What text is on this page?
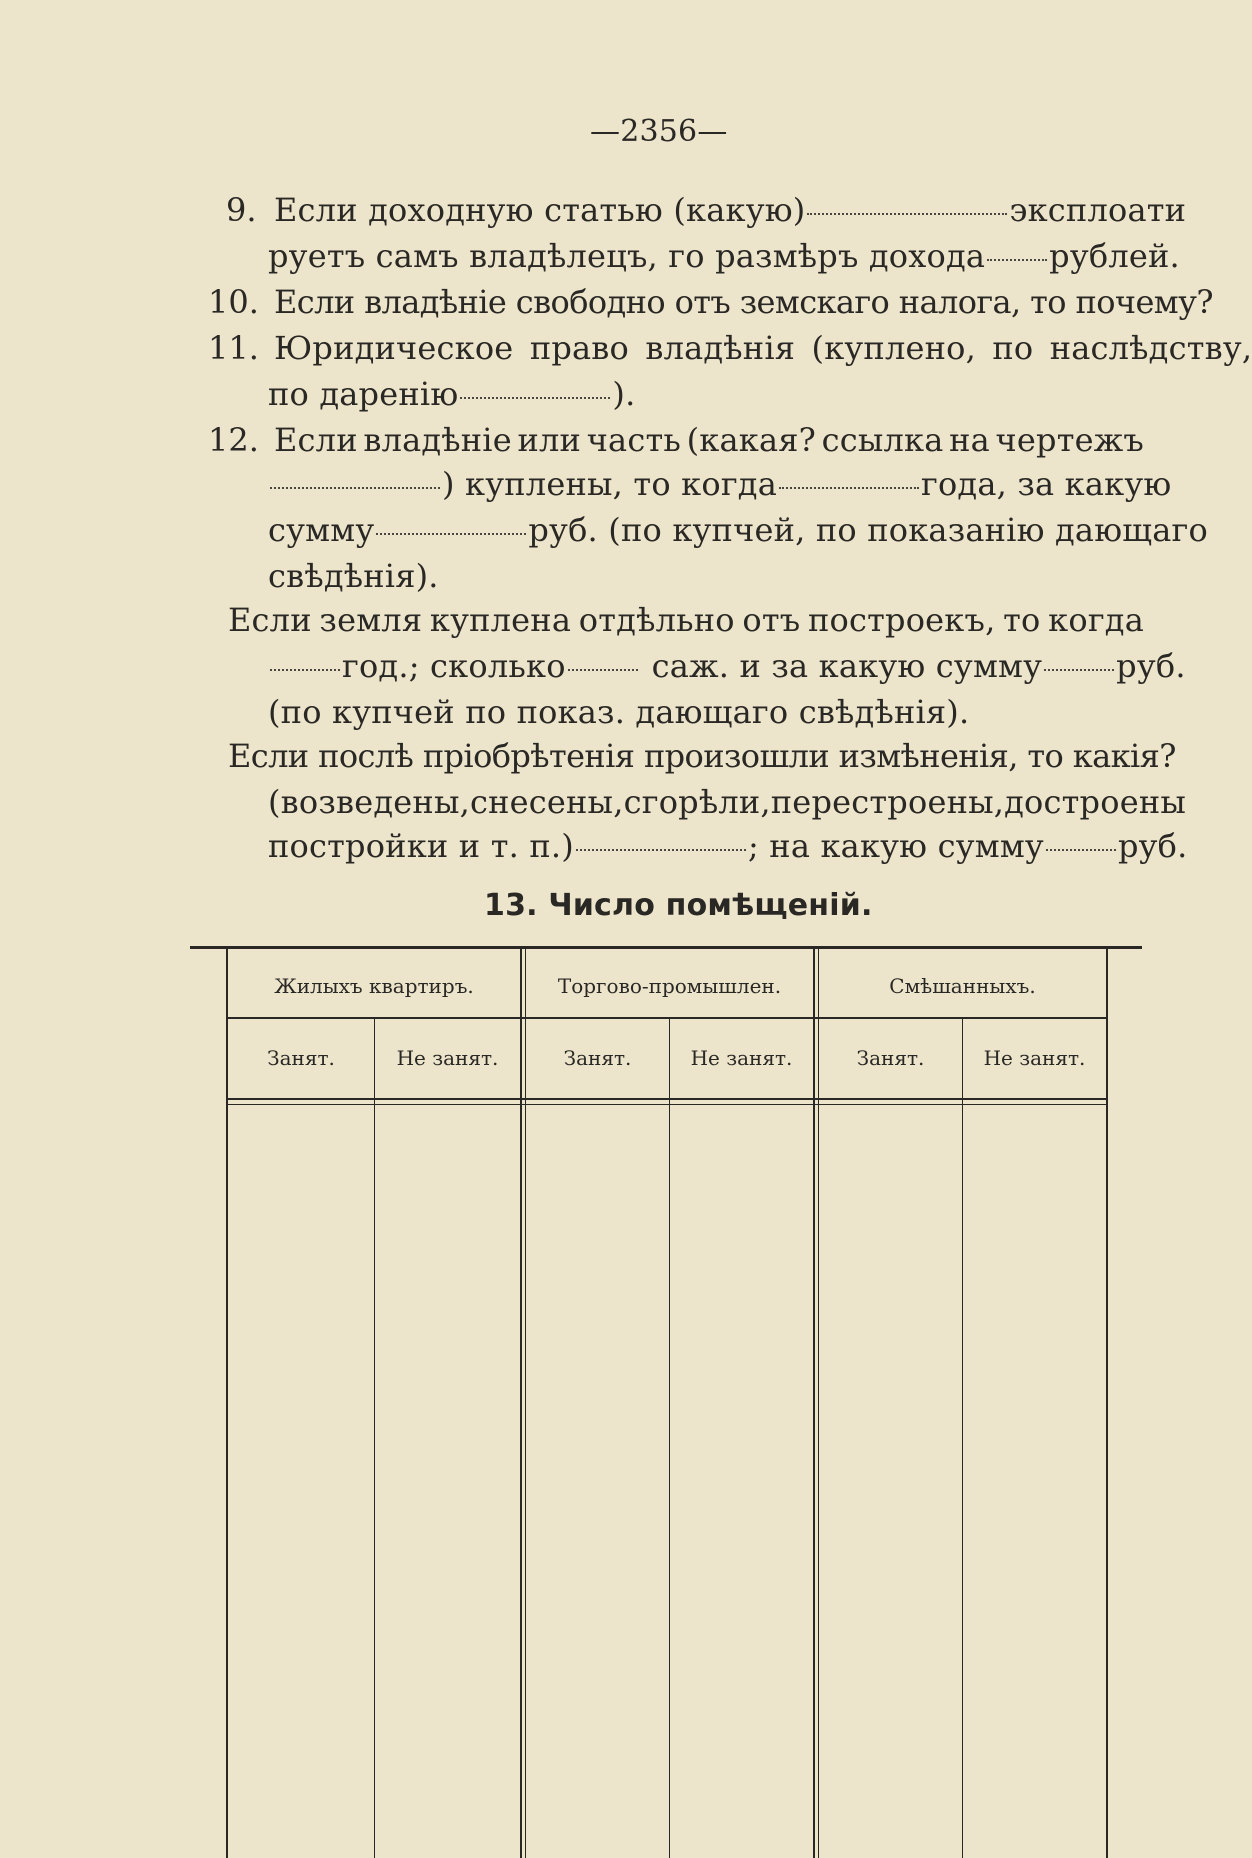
—2356—
9. Если доходную статью (какую)	эксплоати
руетъ самъ владѣлецъ, го размѣръ дохода рублей.
10. Если владѣніе свободно отъ земскаго налога, то почему?
11. Юридическое право владѣнія (куплено, по наслѣдству,
по даренію	).
12. Если владѣніе или часть (какая? ссылка на чертежъ
) куплены, то когда	года, за какую
сумму	руб. (по купчей, по показанію дающаго
свѣдѣнія).
Если земля куплена отдѣльно отъ построекъ, то когда
год.; сколько	саж. и за какую сумму руб.
(по купчей по показ. дающаго свѣдѣнія).
Если послѣ пріобрѣтенія произошли измѣненія, то какія?
(возведены, снесены, сгорѣли, перестроены, достроены
постройки и т. п.)	; на какую сумму руб.
13. Число помѣщеній.
Жилыхъ квартиръ.	Торгово-промышлен.	Смѣшанныхъ.
Занят.	Не занят.	Занят.	Не занят.	Занят.	Не занят.
